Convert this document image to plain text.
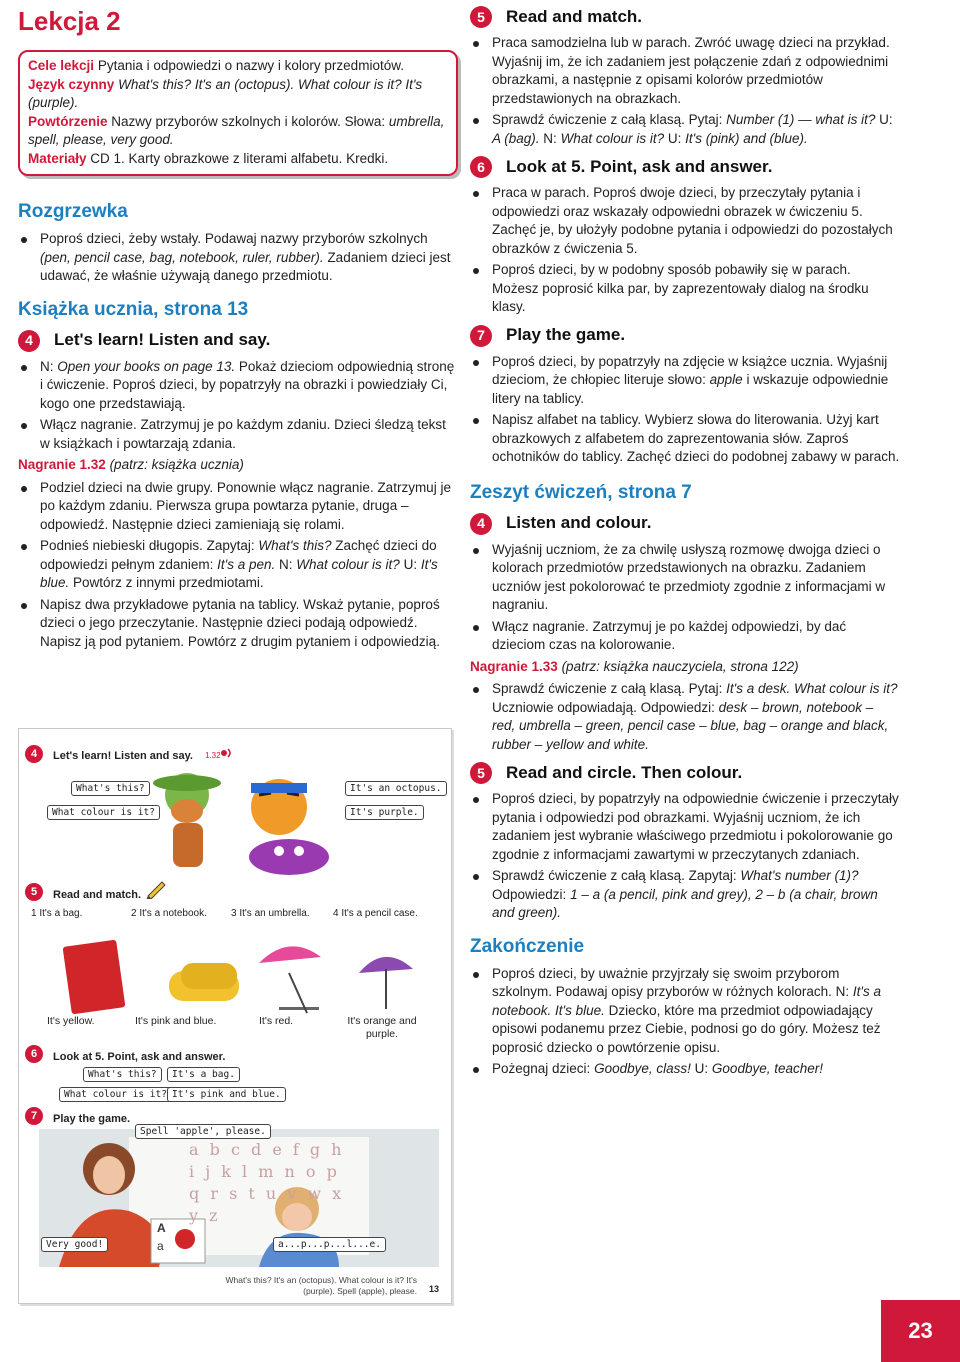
Lekcja 2

Cele lekcji Pytania i odpowiedzi o nazwy i kolory przedmiotów.

Język czynny What's this? It's an (octopus). What colour is it? It's (purple).

Powtórzenie Nazwy przyborów szkolnych i kolorów. Słowa: umbrella, spell, please, very good.

Materiały CD 1. Karty obrazkowe z literami alfabetu. Kredki.

Rozgrzewka
Poproś dzieci, żeby wstały. Podawaj nazwy przyborów szkolnych (pen, pencil case, bag, notebook, ruler, rubber). Zadaniem dzieci jest udawać, że właśnie używają danego przedmiotu.
Książka ucznia, strona 13
4	Let's learn! Listen and say.
N: Open your books on page 13. Pokaż dzieciom odpowiednią stronę i ćwiczenie. Poproś dzieci, by popatrzyły na obrazki i powiedziały Ci, kogo one przedstawiają.
Włącz nagranie. Zatrzymuj je po każdym zdaniu. Dzieci śledzą tekst w książkach i powtarzają zdania.

Nagranie 1.32 (patrz: książka ucznia)

Podziel dzieci na dwie grupy. Ponownie włącz nagranie. Zatrzymuj je po każdym zdaniu. Pierwsza grupa powtarza pytanie, druga – odpowiedź. Następnie dzieci zamieniają się rolami.
Podnieś niebieski długopis. Zapytaj: What's this? Zachęć dzieci do odpowiedzi pełnym zdaniem: It's a pen. N: What colour is it? U: It's blue. Powtórz z innymi przedmiotami.
Napisz dwa przykładowe pytania na tablicy. Wskaż pytanie, poproś dzieci o jego przeczytanie. Następnie dzieci podają odpowiedź. Napisz ją pod pytaniem. Powtórz z drugim pytaniem i odpowiedzią.
4	Let's learn! Listen and say. 1.32
What's this?
What colour is it?
It's an octopus.
It's purple.
5	Read and match.
1 It's a bag.	2 It's a notebook. 3 It's an umbrella. 4 It's a pencil case.
It's yellow.	It's pink and blue.	It's red.	It's orange and purple.
6	Look at 5. Point, ask and answer.
What's this?	It's a bag.
What colour is it? It's pink and blue.
7	Play the game.
a b c d e f g h i j k l m n o p q r s t u v w x y z
A
a
Spell 'apple', please.
Very good!	a...p...p...l...e.
What's this? It's an (octopus). What colour is it? It's (purple). Spell (apple), please. 13
5	Read and match.
Praca samodzielna lub w parach. Zwróć uwagę dzieci na przykład. Wyjaśnij im, że ich zadaniem jest połączenie zdań z odpowiednimi obrazkami, a następnie z opisami kolorów przedmiotów przedstawionych na obrazkach.
Sprawdź ćwiczenie z całą klasą. Pytaj: Number (1) — what is it? U: A (bag). N: What colour is it? U: It's (pink) and (blue).
6	Look at 5. Point, ask and answer.
Praca w parach. Poproś dwoje dzieci, by przeczytały pytania i odpowiedzi oraz wskazały odpowiedni obrazek w ćwiczeniu 5. Zachęć je, by ułożyły podobne pytania i odpowiedzi do pozostałych obrazków z ćwiczenia 5.
Poproś dzieci, by w podobny sposób pobawiły się w parach. Możesz poprosić kilka par, by zaprezentowały dialog na środku klasy.
7	Play the game.
Poproś dzieci, by popatrzyły na zdjęcie w książce ucznia. Wyjaśnij dzieciom, że chłopiec literuje słowo: apple i wskazuje odpowiednie litery na tablicy.
Napisz alfabet na tablicy. Wybierz słowa do literowania. Użyj kart obrazkowych z alfabetem do zaprezentowania słów. Zaproś ochotników do tablicy. Zachęć dzieci do podobnej zabawy w parach.
Zeszyt ćwiczeń, strona 7
4	Listen and colour.
Wyjaśnij uczniom, że za chwilę usłyszą rozmowę dwojga dzieci o kolorach przedmiotów przedstawionych na obrazku. Zadaniem uczniów jest pokolorować te przedmioty zgodnie z informacjami w nagraniu.
Włącz nagranie. Zatrzymuj je po każdej odpowiedzi, by dać dzieciom czas na kolorowanie.

Nagranie 1.33 (patrz: książka nauczyciela, strona 122)

Sprawdź ćwiczenie z całą klasą. Pytaj: It's a desk. What colour is it? Uczniowie odpowiadają. Odpowiedzi: desk – brown, notebook – red, umbrella – green, pencil case – blue, bag – orange and black, rubber – yellow and white.
5	Read and circle. Then colour.
Poproś dzieci, by popatrzyły na odpowiednie ćwiczenie i przeczytały pytania i odpowiedzi pod obrazkami. Wyjaśnij uczniom, że ich zadaniem jest wybranie właściwego przedmiotu i pokolorowanie go zgodnie z informacjami zawartymi w przeczytanych zdaniach.
Sprawdź ćwiczenie z całą klasą. Zapytaj: What's number (1)? Odpowiedzi: 1 – a (a pencil, pink and grey), 2 – b (a chair, brown and green).
Zakończenie
Poproś dzieci, by uważnie przyjrzały się swoim przyborom szkolnym. Podawaj opisy przyborów w różnych kolorach. N: It's a notebook. It's blue. Dziecko, które ma przedmiot odpowiadający opisowi podanemu przez Ciebie, podnosi go do góry. Możesz też poprosić dziecko o powtórzenie opisu.
Pożegnaj dzieci: Goodbye, class! U: Goodbye, teacher!
23
